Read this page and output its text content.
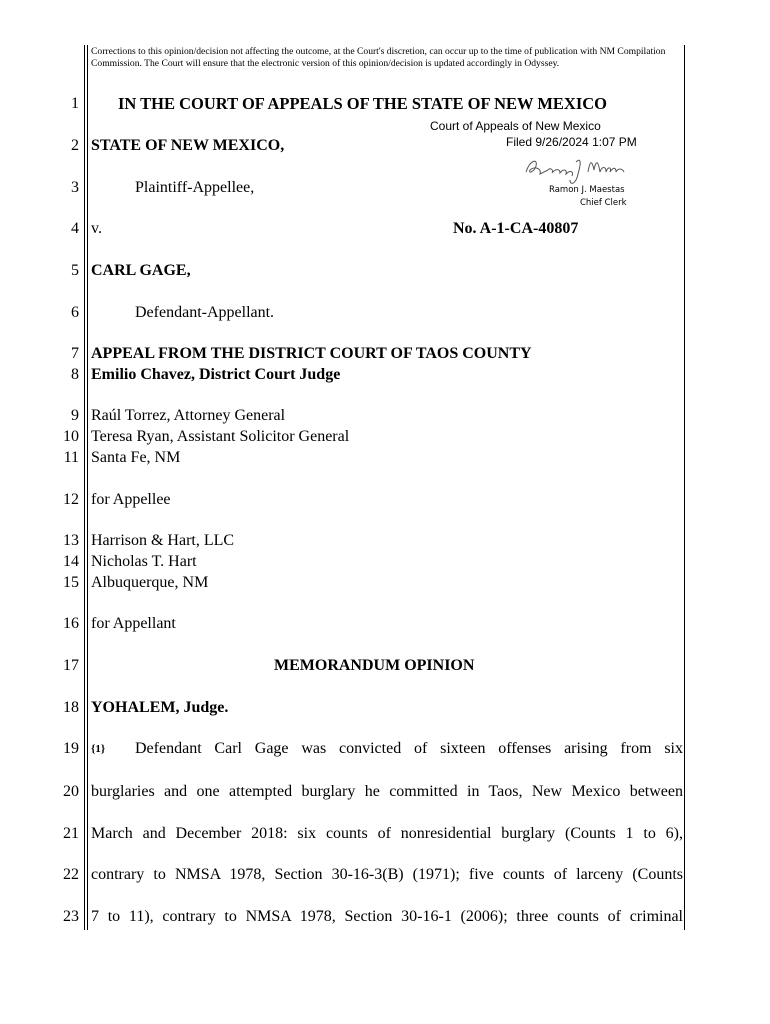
Corrections to this opinion/decision not affecting the outcome, at the Court's discretion, can occur up to the time of publication with NM Compilation Commission. The Court will ensure that the electronic version of this opinion/decision is updated accordingly in Odyssey.
1
2
3
4
5
6
7
8
9
10
11
12
13
14
15
16
17
18
19
20
21
22
23
IN THE COURT OF APPEALS OF THE STATE OF NEW MEXICO
Court of Appeals of New Mexico
Filed 9/26/2024 1:07 PM
Ramon J. Maestas
Chief Clerk
STATE OF NEW MEXICO,
Plaintiff-Appellee,
v.	No. A-1-CA-40807
CARL GAGE,
Defendant-Appellant.
APPEAL FROM THE DISTRICT COURT OF TAOS COUNTY
Emilio Chavez, District Court Judge
Raúl Torrez, Attorney General
Teresa Ryan, Assistant Solicitor General
Santa Fe, NM
for Appellee
Harrison & Hart, LLC
Nicholas T. Hart
Albuquerque, NM
for Appellant
MEMORANDUM OPINION
YOHALEM, Judge.
{1} Defendant Carl Gage was convicted of sixteen offenses arising from six
burglaries and one attempted burglary he committed in Taos, New Mexico between
March and December 2018: six counts of nonresidential burglary (Counts 1 to 6),
contrary to NMSA 1978, Section 30-16-3(B) (1971); five counts of larceny (Counts
7 to 11), contrary to NMSA 1978, Section 30-16-1 (2006); three counts of criminal
